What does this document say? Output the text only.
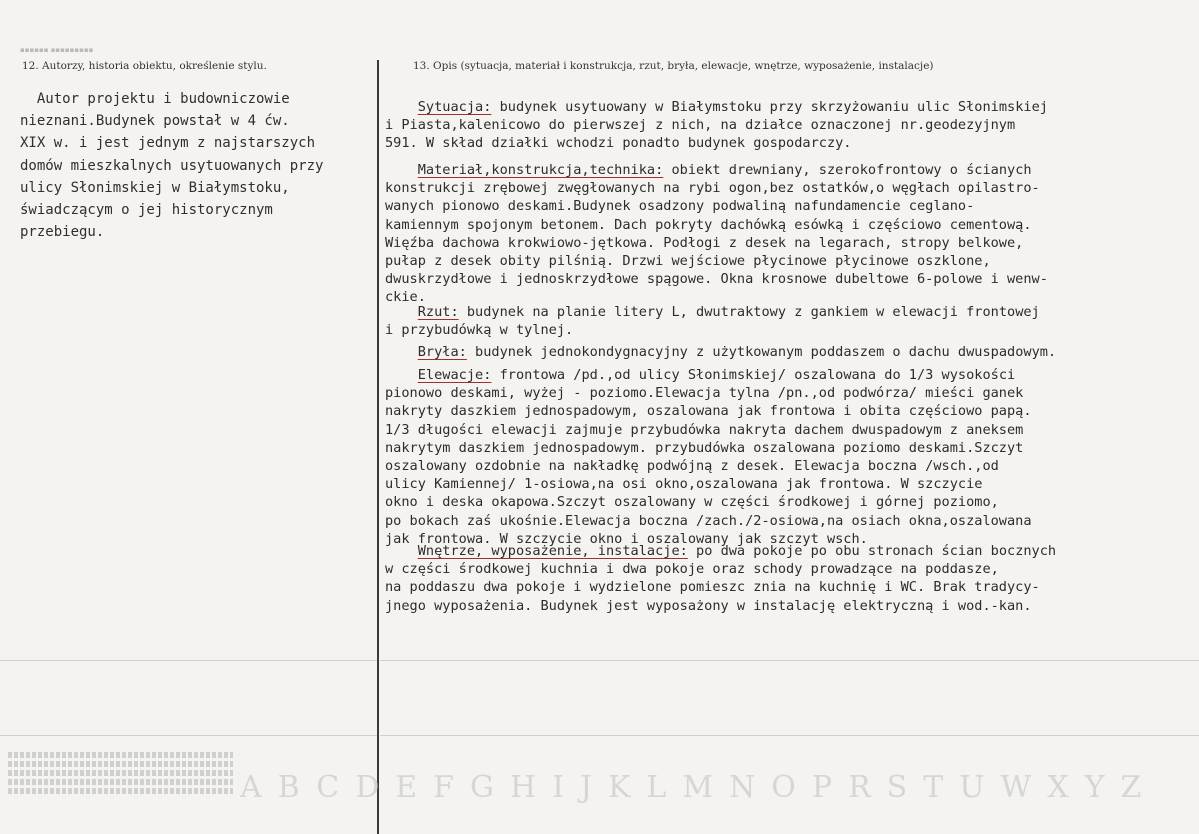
▪▪▪▪▪▪ ▪▪▪▪▪▪▪▪▪
12. Autorzy, historia obiektu, określenie stylu.	13. Opis (sytuacja, materiał i konstrukcja, rzut, bryła, elewacje, wnętrze, wyposażenie, instalacje)
Autor projektu i budowniczowie
nieznani.Budynek powstał w 4 ćw.
XIX w. i jest jednym z najstarszych
domów mieszkalnych usytuowanych przy
ulicy Słonimskiej w Białymstoku,
świadczącym o jej historycznym
przebiegu.

Sytuacja: budynek usytuowany w Białymstoku przy skrzyżowaniu ulic Słonimskiej
i Piasta,kalenicowo do pierwszej z nich, na działce oznaczonej nr.geodezyjnym
591. W skład działki wchodzi ponadto budynek gospodarczy.

Materiał,konstrukcja,technika: obiekt drewniany, szerokofrontowy o ścianych
konstrukcji zrębowej zwęgłowanych na rybi ogon,bez ostatków,o węgłach opilastro-
wanych pionowo deskami.Budynek osadzony podwaliną nafundamencie ceglano-
kamiennym spojonym betonem. Dach pokryty dachówką esówką i częściowo cementową.
Więźba dachowa krokwiowo-jętkowa. Podłogi z desek na legarach, stropy belkowe,
pułap z desek obity pilśnią. Drzwi wejściowe płycinowe płycinowe oszklone,
dwuskrzydłowe i jednoskrzydłowe spągowe. Okna krosnowe dubeltowe 6-polowe i wenw-
ckie.

Rzut: budynek na planie litery L, dwutraktowy z gankiem w elewacji frontowej
i przybudówką w tylnej.

Bryła: budynek jednokondygnacyjny z użytkowanym poddaszem o dachu dwuspadowym.

Elewacje: frontowa /pd.,od ulicy Słonimskiej/ oszalowana do 1/3 wysokości
pionowo deskami, wyżej - poziomo.Elewacja tylna /pn.,od podwórza/ mieści ganek
nakryty daszkiem jednospadowym, oszalowana jak frontowa i obita częściowo papą.
1/3 długości elewacji zajmuje przybudówka nakryta dachem dwuspadowym z aneksem
nakrytym daszkiem jednospadowym. przybudówka oszalowana poziomo deskami.Szczyt
oszalowany ozdobnie na nakładkę podwójną z desek. Elewacja boczna /wsch.,od
ulicy Kamiennej/ 1-osiowa,na osi okno,oszalowana jak frontowa. W szczycie
okno i deska okapowa.Szczyt oszalowany w części środkowej i górnej poziomo,
po bokach zaś ukośnie.Elewacja boczna /zach./2-osiowa,na osiach okna,oszalowana
jak frontowa. W szczycie okno i oszalowany jak szczyt wsch.

Wnętrze, wyposażenie, instalacje: po dwa pokoje po obu stronach ścian bocznych
w części środkowej kuchnia i dwa pokoje oraz schody prowadzące na poddasze,
na poddaszu dwa pokoje i wydzielone pomieszc znia na kuchnię i WC. Brak tradycy-
jnego wyposażenia. Budynek jest wyposażony w instalację elektryczną i wod.-kan.

ABCDEFGHIJKLMNOPRSTUWXYZ
